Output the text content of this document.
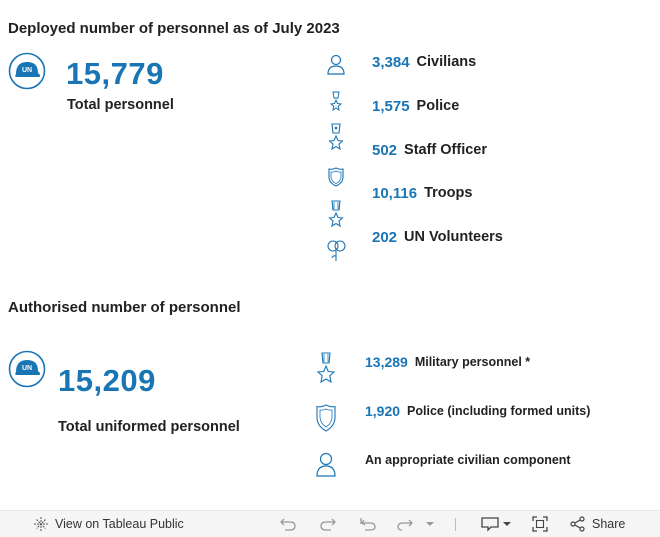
Deployed number of personnel as of July 2023
UN 15,779
Total personnel
3,384 Civilians
1,575 Police
502 Staff Officer
10,116 Troops
202 UN Volunteers
Authorised number of personnel
UN 15,209
Total uniformed personnel
13,289 Military personnel *
1,920 Police (including formed units)
An appropriate civilian component
View on Tableau Public	Share
